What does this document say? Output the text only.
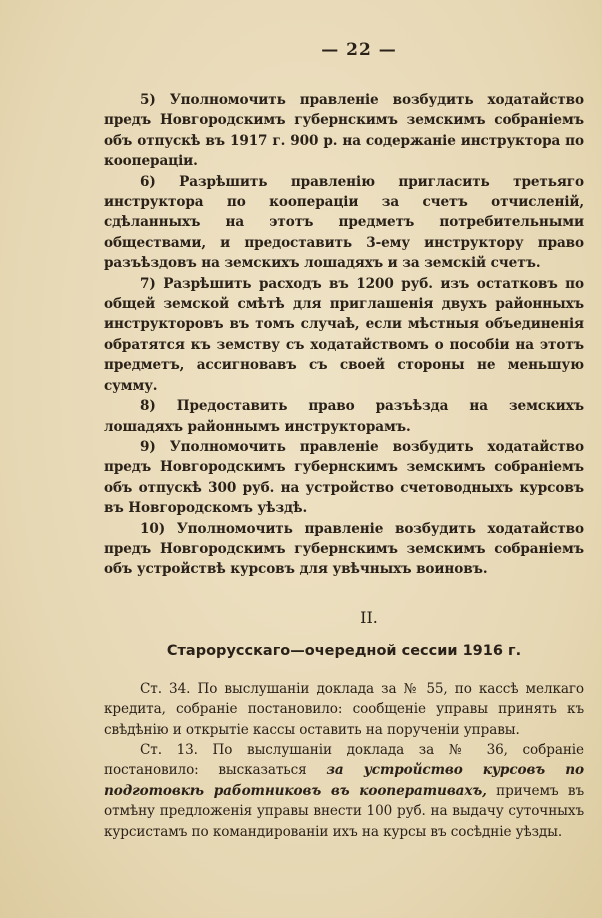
— 22 —

5) Уполномочить правленіе возбудить ходатайство предъ Новгородскимъ губернскимъ земскимъ собраніемъ объ отпускѣ въ 1917 г. 900 р. на содержаніе инструктора по кооперацiи.

6) Разрѣшить правленію пригласить третьяго инструктора по кооперацiи за счетъ отчисленій, сдѣланныхъ на этотъ предметъ потребительными обществами, и предоставить 3-ему инструктору право разъѣздовъ на земскихъ лошадяхъ и за земскій счетъ.

7) Разрѣшить расходъ въ 1200 руб. изъ остатковъ по общей земской смѣтѣ для приглашенія двухъ районныхъ инструкторовъ въ томъ случаѣ, если мѣстныя объединенія обратятся къ земству съ ходатайствомъ о пособіи на этотъ предметъ, ассигновавъ съ своей стороны не меньшую сумму.

8) Предоставить право разъѣзда на земскихъ лошадяхъ районнымъ инструкторамъ.

9) Уполномочить правленіе возбудить ходатайство предъ Новгородскимъ губернскимъ земскимъ собраніемъ объ отпускѣ 300 руб. на устройство счетоводныхъ курсовъ въ Новгородскомъ уѣздѣ.

10) Уполномочить правленіе возбудить ходатайство предъ Новгородскимъ губернскимъ земскимъ собраніемъ объ устройствѣ курсовъ для увѣчныхъ воиновъ.

II.
Старорусскаго—очередной сессии 1916 г.

Ст. 34. По выслушаніи доклада за № 55, по кассѣ мелкаго кредита, собраніе постановило: сообщеніе управы принять къ свѣдѣнію и открытіе кассы оставить на порученіи управы.

Ст. 13. По выслушаніи доклада за № 36, собраніе постановило: высказаться за устройство курсовъ по подготовкѣ работниковъ въ кооперативахъ, причемъ въ отмѣну предложенія управы внести 100 руб. на выдачу суточныхъ курсистамъ по командированіи ихъ на курсы въ сосѣдніе уѣзды.
